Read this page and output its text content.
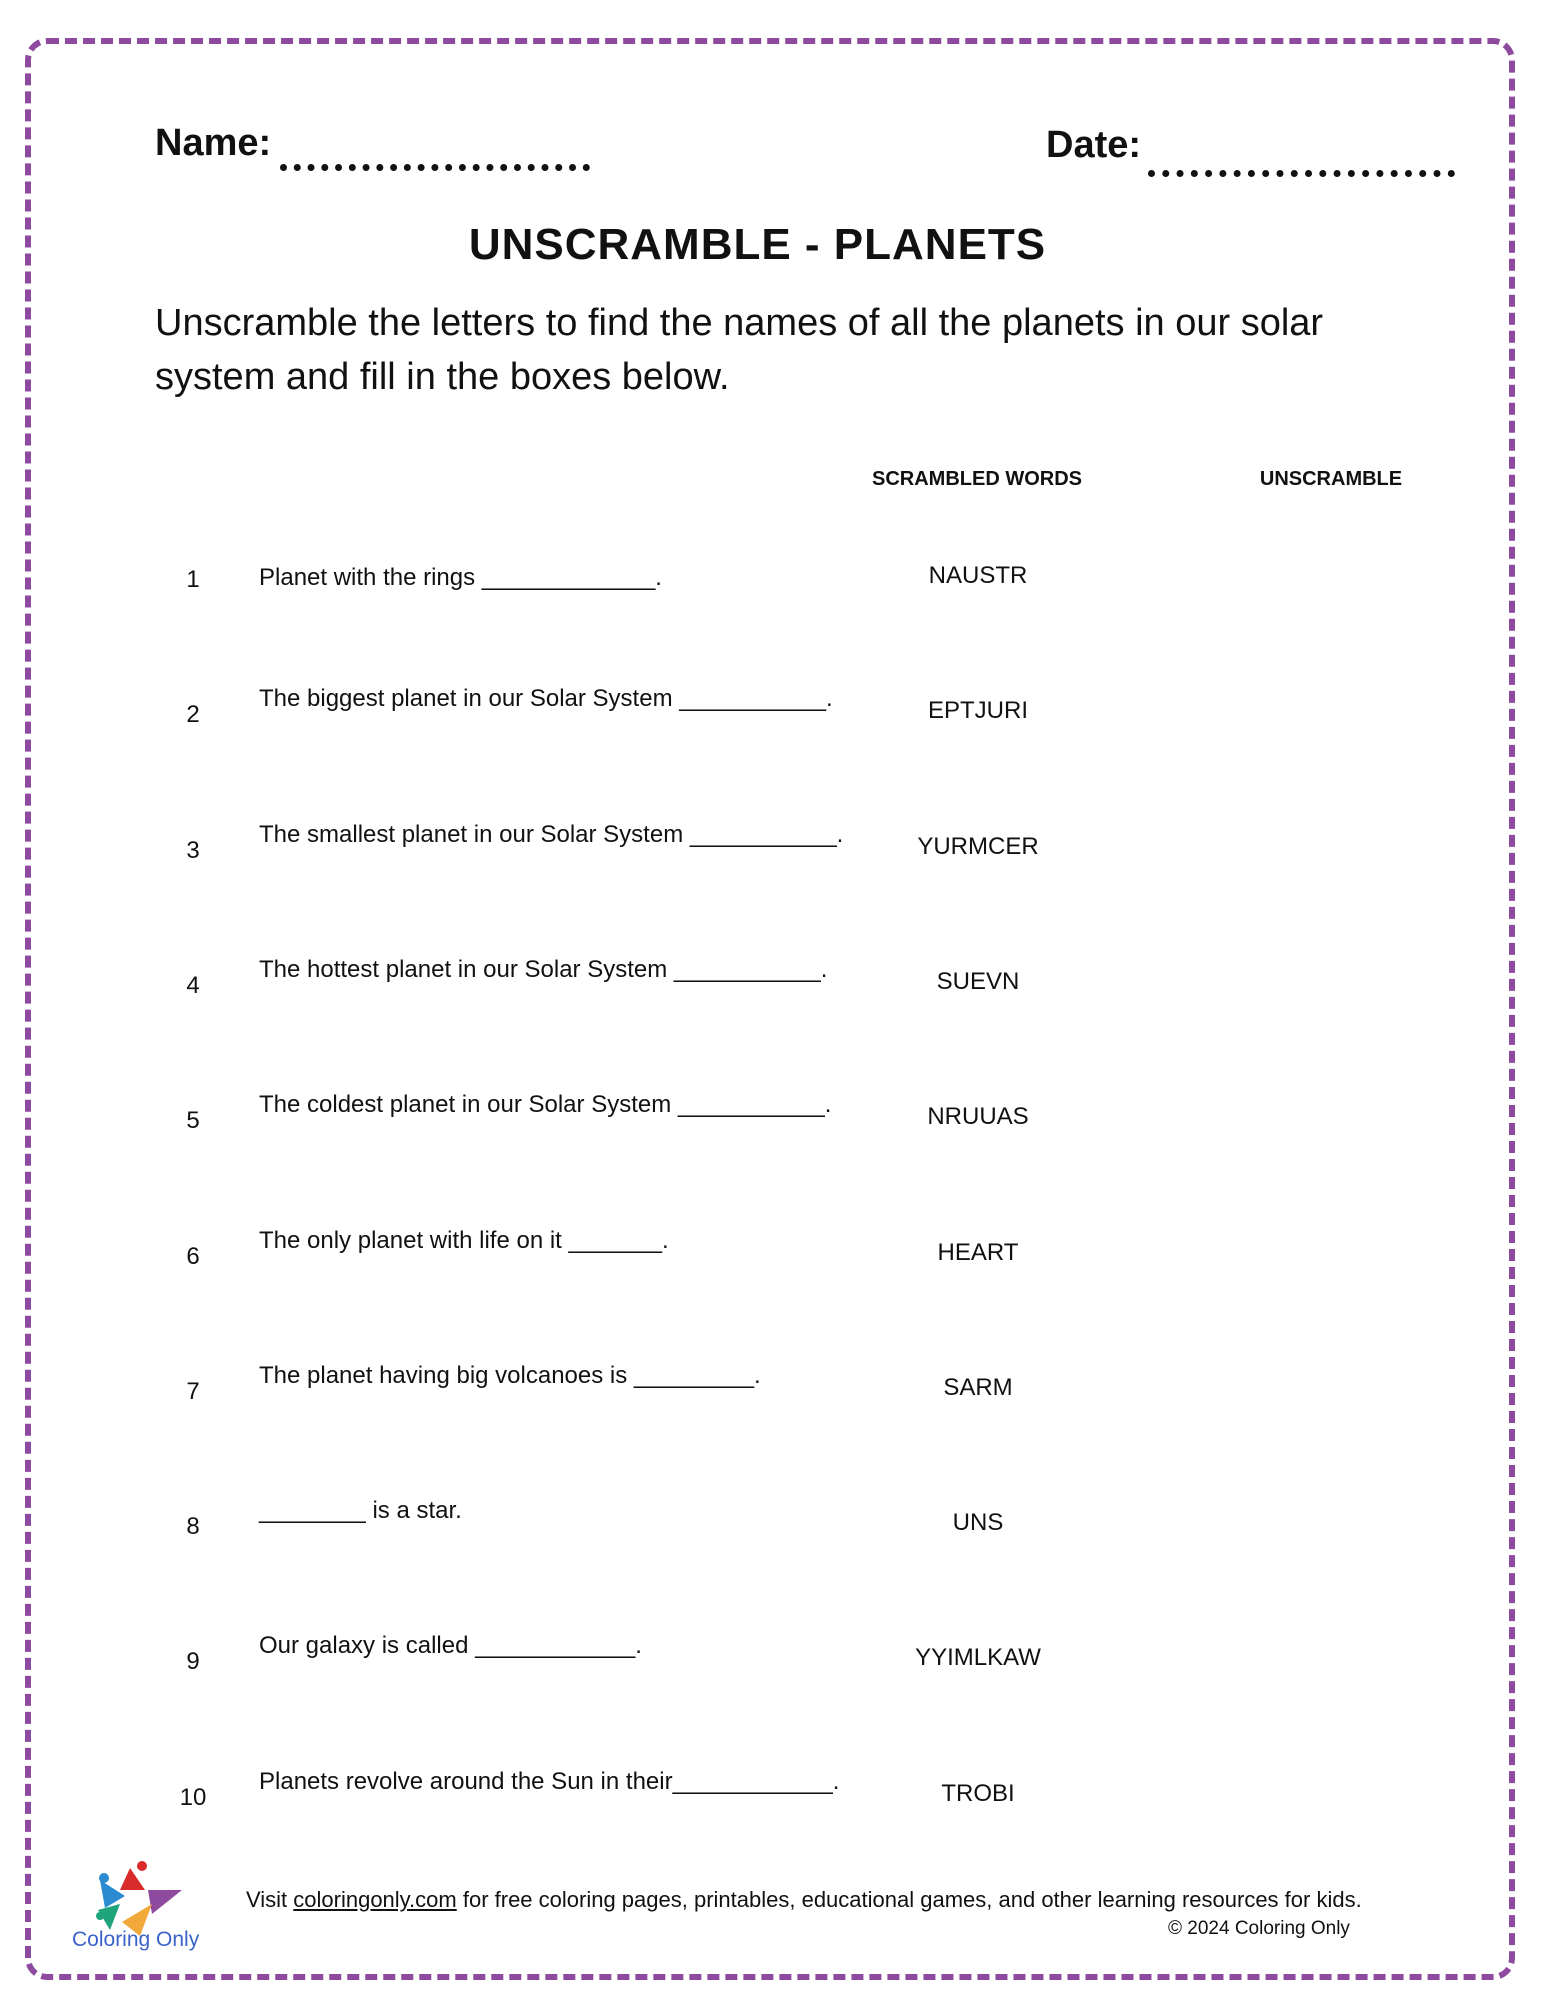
Name:	Date:
UNSCRAMBLE - PLANETS
Unscramble the letters to find the names of all the planets in our solar system and fill in the boxes below.
SCRAMBLED WORDS	UNSCRAMBLE
1 Planet with the rings _____________.	NAUSTR
2
The biggest planet in our Solar System ___________.	EPTJURI
3
The smallest planet in our Solar System ___________.	YURMCER
4
The hottest planet in our Solar System ___________.	SUEVN
5
The coldest planet in our Solar System ___________.	NRUUAS
6
The only planet with life on it _______.	HEART
7
The planet having big volcanoes is _________.	SARM
8
________ is a star.	UNS
9
Our galaxy is called ____________.	YYIMLKAW
10
Planets revolve around the Sun in their____________.	TROBI
Coloring Only
Visit coloringonly.com for free coloring pages, printables, educational games, and other learning resources for kids.
© 2024 Coloring Only
